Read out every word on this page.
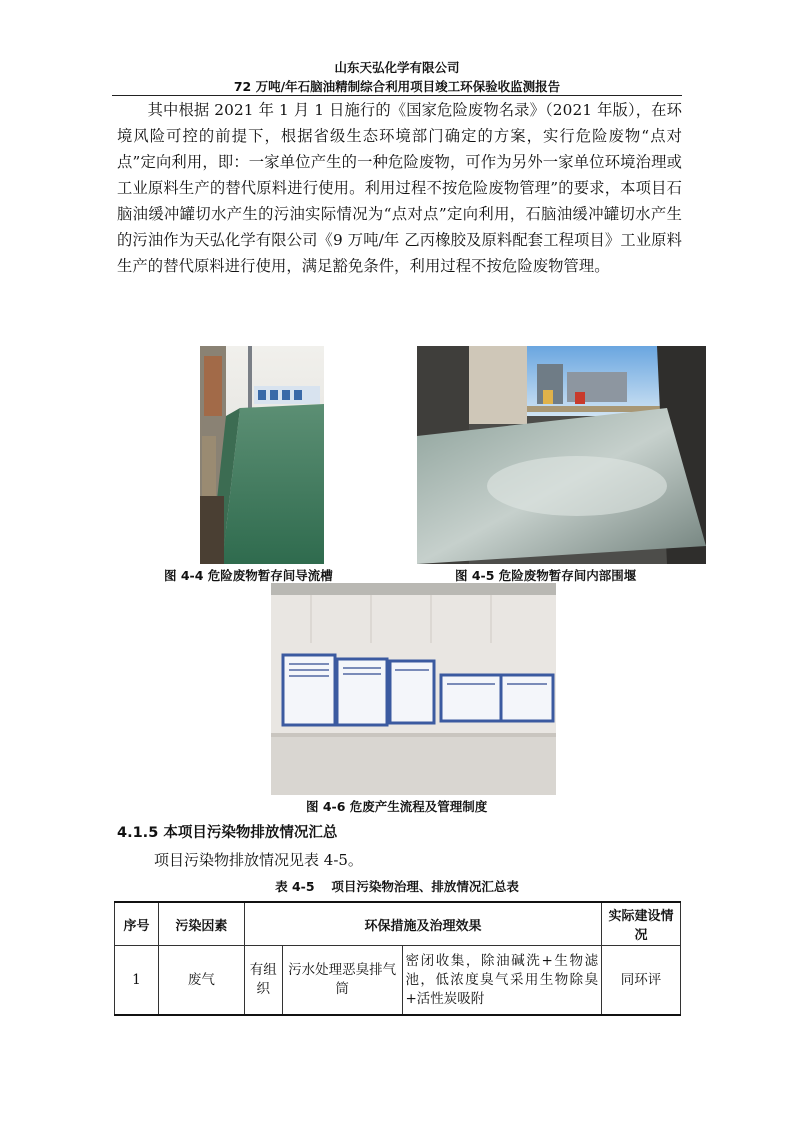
山东天弘化学有限公司
72 万吨/年石脑油精制综合利用项目竣工环保验收监测报告
其中根据 2021 年 1 月 1 日施行的《国家危险废物名录》（2021 年版），在环境风险可控的前提下，根据省级生态环境部门确定的方案，实行危险废物“点对点”定向利用，即：一家单位产生的一种危险废物，可作为另外一家单位环境治理或工业原料生产的替代原料进行使用。利用过程不按危险废物管理”的要求，本项目石脑油缓冲罐切水产生的污油实际情况为“点对点”定向利用，石脑油缓冲罐切水产生的污油作为天弘化学有限公司《9 万吨/年 乙丙橡胶及原料配套工程项目》工业原料生产的替代原料进行使用，满足豁免条件，利用过程不按危险废物管理。
图 4-4 危险废物暂存间导流槽	图 4-5 危险废物暂存间内部围堰
图 4-6 危废产生流程及管理制度
4.1.5 本项目污染物排放情况汇总
项目污染物排放情况见表 4-5。
表 4-5　 项目污染物治理、排放情况汇总表
序号	污染因素	环保措施及治理效果			实际建设情况
1	废气	有组织	污水处理恶臭排气筒	密闭收集，除油碱洗+生物滤池，低浓度臭气采用生物除臭+活性炭吸附	同环评
